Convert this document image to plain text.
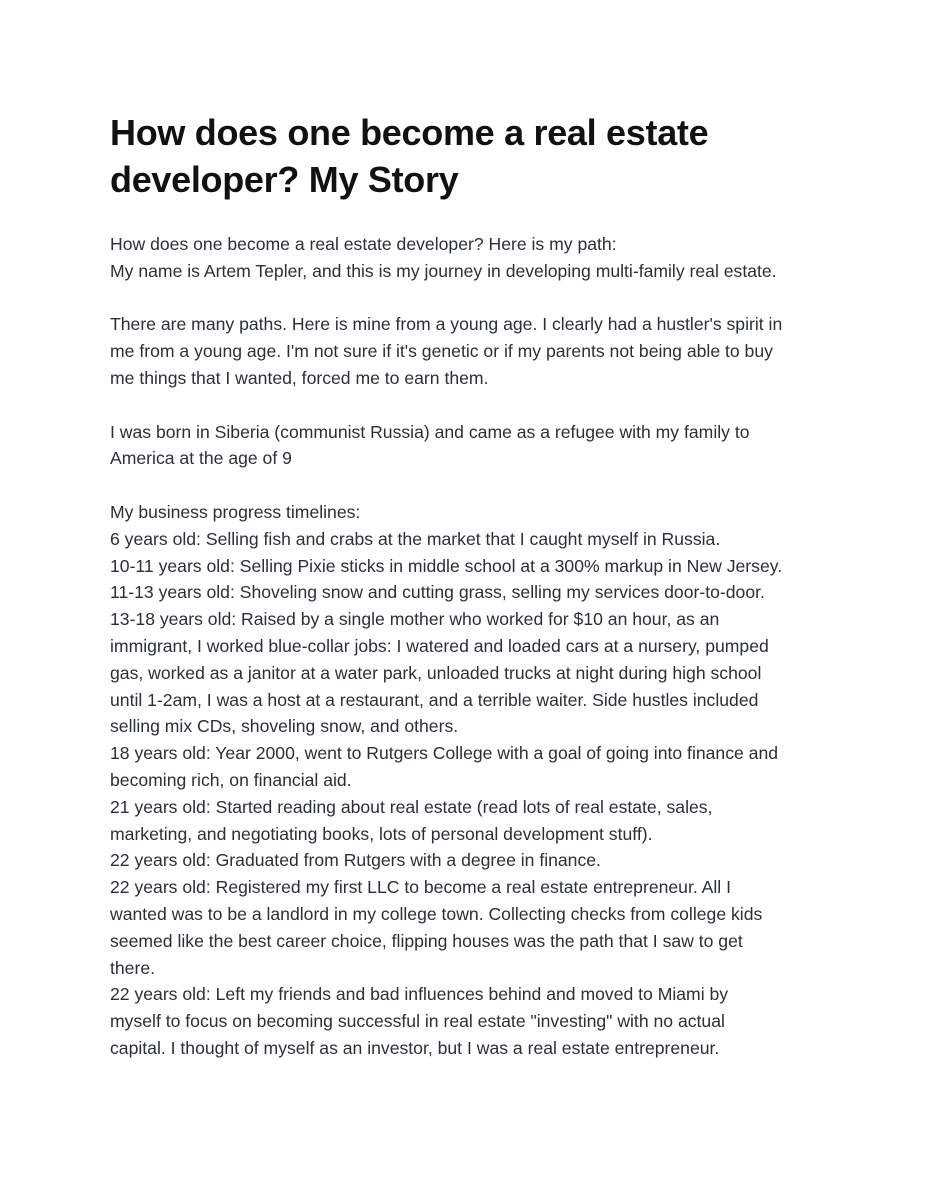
How does one become a real estate
developer? My Story
How does one become a real estate developer? Here is my path:
My name is Artem Tepler, and this is my journey in developing multi-family real estate.
There are many paths. Here is mine from a young age. I clearly had a hustler's spirit in
me from a young age. I'm not sure if it's genetic or if my parents not being able to buy
me things that I wanted, forced me to earn them.
I was born in Siberia (communist Russia) and came as a refugee with my family to
America at the age of 9
My business progress timelines:
6 years old: Selling fish and crabs at the market that I caught myself in Russia.
10-11 years old: Selling Pixie sticks in middle school at a 300% markup in New Jersey.
11-13 years old: Shoveling snow and cutting grass, selling my services door-to-door.
13-18 years old: Raised by a single mother who worked for $10 an hour, as an
immigrant, I worked blue-collar jobs: I watered and loaded cars at a nursery, pumped
gas, worked as a janitor at a water park, unloaded trucks at night during high school
until 1-2am, I was a host at a restaurant, and a terrible waiter. Side hustles included
selling mix CDs, shoveling snow, and others.
18 years old: Year 2000, went to Rutgers College with a goal of going into finance and
becoming rich, on financial aid.
21 years old: Started reading about real estate (read lots of real estate, sales,
marketing, and negotiating books, lots of personal development stuff).
22 years old: Graduated from Rutgers with a degree in finance.
22 years old: Registered my first LLC to become a real estate entrepreneur. All I
wanted was to be a landlord in my college town. Collecting checks from college kids
seemed like the best career choice, flipping houses was the path that I saw to get
there.
22 years old: Left my friends and bad influences behind and moved to Miami by
myself to focus on becoming successful in real estate "investing" with no actual
capital. I thought of myself as an investor, but I was a real estate entrepreneur.
